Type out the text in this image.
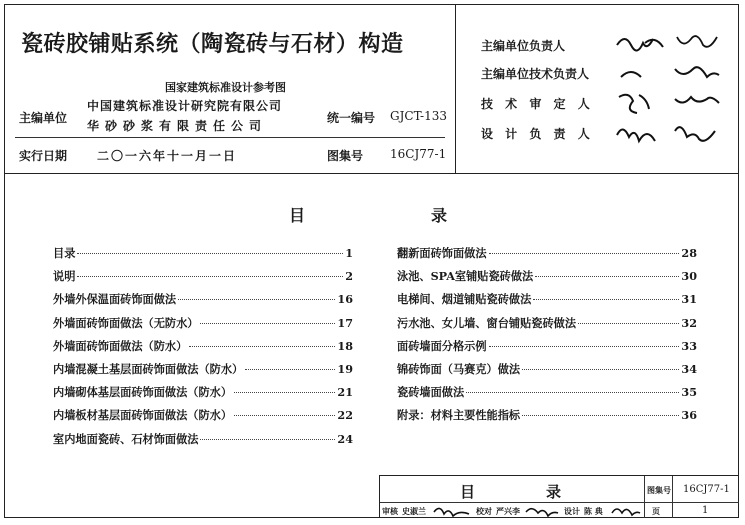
瓷砖胶铺贴系统（陶瓷砖与石材）构造
国家建筑标准设计参考图
主编单位
中国建筑标准设计研究院有限公司
华砂砂浆有限责任公司
统一编号 GJCT-133
实行日期 二〇一六年十一月一日	图集号 16CJ77-1
主编单位负责人
主编单位技术负责人
技 术 审 定 人
设 计 负 责 人
目	录
目录	1
说明	2
外墙外保温面砖饰面做法	16
外墙面砖饰面做法（无防水）	17
外墙面砖饰面做法（防水）	18
内墙混凝土基层面砖饰面做法（防水）	19
内墙砌体基层面砖饰面做法（防水）	21
内墙板材基层面砖饰面做法（防水）	22
室内地面瓷砖、石材饰面做法	24
翻新面砖饰面做法	28
泳池、SPA室铺贴瓷砖做法	30
电梯间、烟道铺贴瓷砖做法	31
污水池、女儿墙、窗台铺贴瓷砖做法	32
面砖墙面分格示例	33
锦砖饰面（马赛克）做法	34
瓷砖墙面做法	35
附录：材料主要性能指标	36
目	录	图集号 16CJ77-1
审核 史淑兰	校对 严兴李	设计 陈 典	页	1
